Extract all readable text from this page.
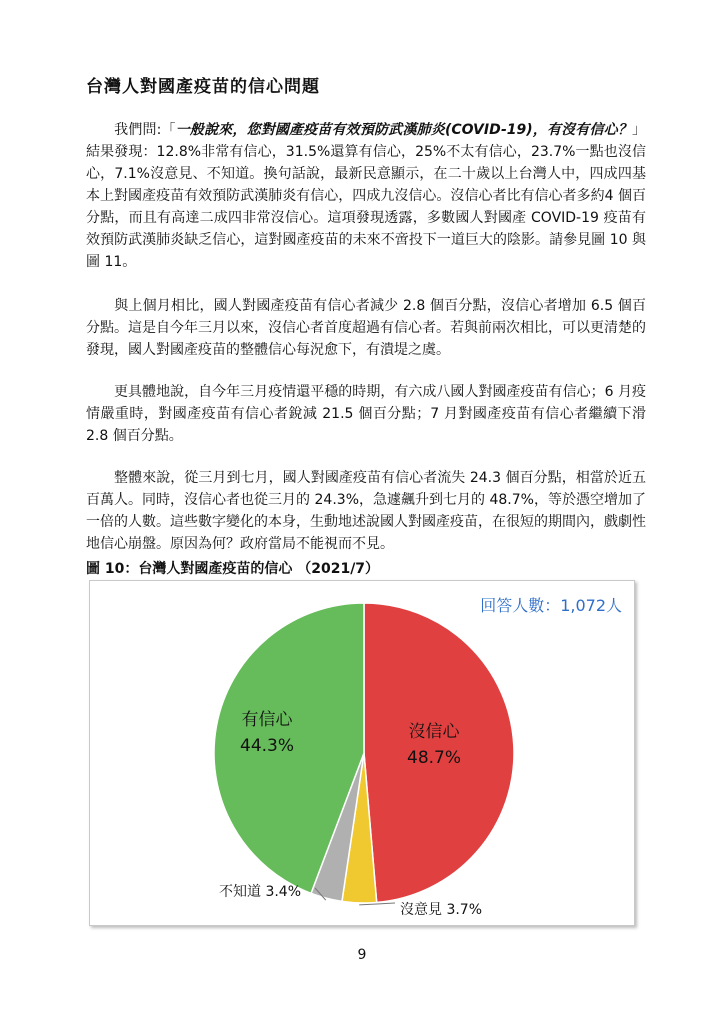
台灣人對國產疫苗的信心問題
我們問:「一般說來，您對國產疫苗有效預防武漢肺炎(COVID-19)，有沒有信心？」結果發現：12.8%非常有信心，31.5%還算有信心，25%不太有信心，23.7%一點也沒信心，7.1%沒意見、不知道。換句話說，最新民意顯示，在二十歲以上台灣人中，四成四基本上對國產疫苗有效預防武漢肺炎有信心，四成九沒信心。沒信心者比有信心者多約4 個百分點，而且有高達二成四非常沒信心。這項發現透露，多數國人對國產 COVID-19 疫苗有效預防武漢肺炎缺乏信心，這對國產疫苗的未來不啻投下一道巨大的陰影。請參見圖 10 與圖 11。
與上個月相比，國人對國產疫苗有信心者減少 2.8 個百分點，沒信心者增加 6.5 個百分點。這是自今年三月以來，沒信心者首度超過有信心者。若與前兩次相比，可以更清楚的發現，國人對國產疫苗的整體信心每況愈下，有潰堤之虞。
更具體地說，自今年三月疫情還平穩的時期，有六成八國人對國產疫苗有信心；6 月疫情嚴重時，對國產疫苗有信心者銳減 21.5 個百分點；7 月對國產疫苗有信心者繼續下滑 2.8 個百分點。
整體來說，從三月到七月，國人對國產疫苗有信心者流失 24.3 個百分點，相當於近五百萬人。同時，沒信心者也從三月的 24.3%，急遽飆升到七月的 48.7%，等於憑空增加了一倍的人數。這些數字變化的本身，生動地述說國人對國產疫苗，在很短的期間內，戲劇性地信心崩盤。原因為何？政府當局不能視而不見。
圖 10：台灣人對國產疫苗的信心 （2021/7）
回答人數：1,072人
有信心
44.3%
沒信心
48.7%
不知道 3.4%
沒意見 3.7%
9
